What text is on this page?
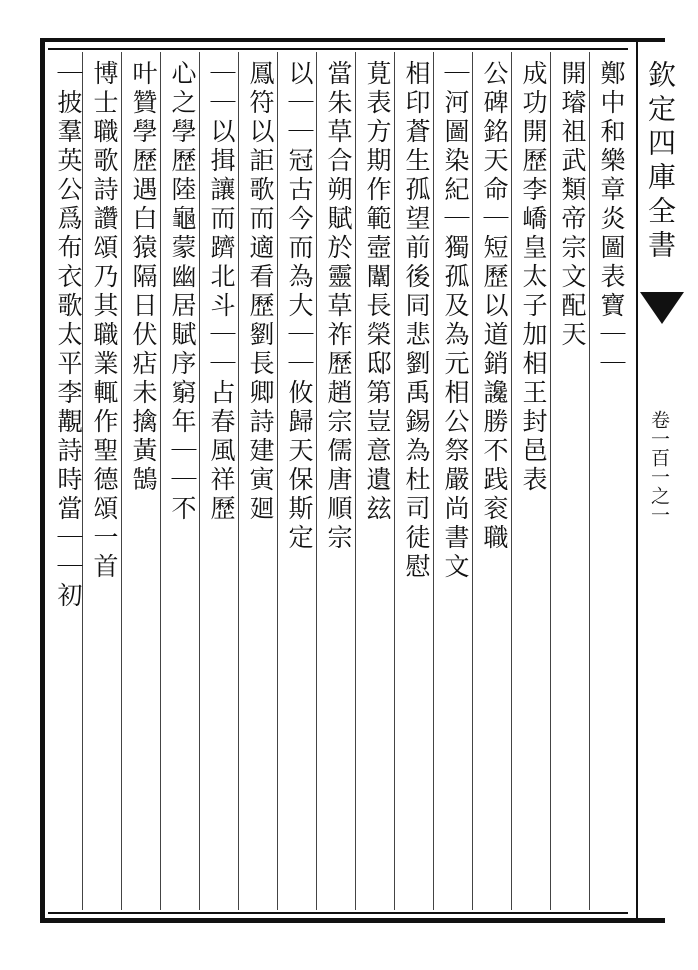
欽定四庫全書
卷一百一之一
鄭中和樂章炎圖表寶｜｜
開璿祖武類帝宗文配天
成功開歷李嶠皇太子加相王封邑表
公碑銘天命｜短歷以道銷讒勝不践衮職
｜河圖染紀｜獨孤及為元相公祭嚴尚書文
相印蒼生孤望前後同悲劉禹錫為杜司徒慰
莧表方期作範壼闈長榮邸第豈意遺玆
當朱草合朔賦於靈草祚歷趙宗儒唐順宗
以｜｜冠古今而為大｜｜攸歸天保斯定
鳳符以詎歌而適看歷劉長卿詩建寅廻
｜｜以揖讓而躋北斗｜｜占春風祥歷
心之學歷陸龜蒙幽居賦序窮年｜｜不
叶贊學歷遇白猿隔日伏痁未擒黃鵠
博士職歌詩讚頌乃其職業輒作聖德頌一首
｜披羣英公爲布衣歌太平李覯詩時當｜｜初
